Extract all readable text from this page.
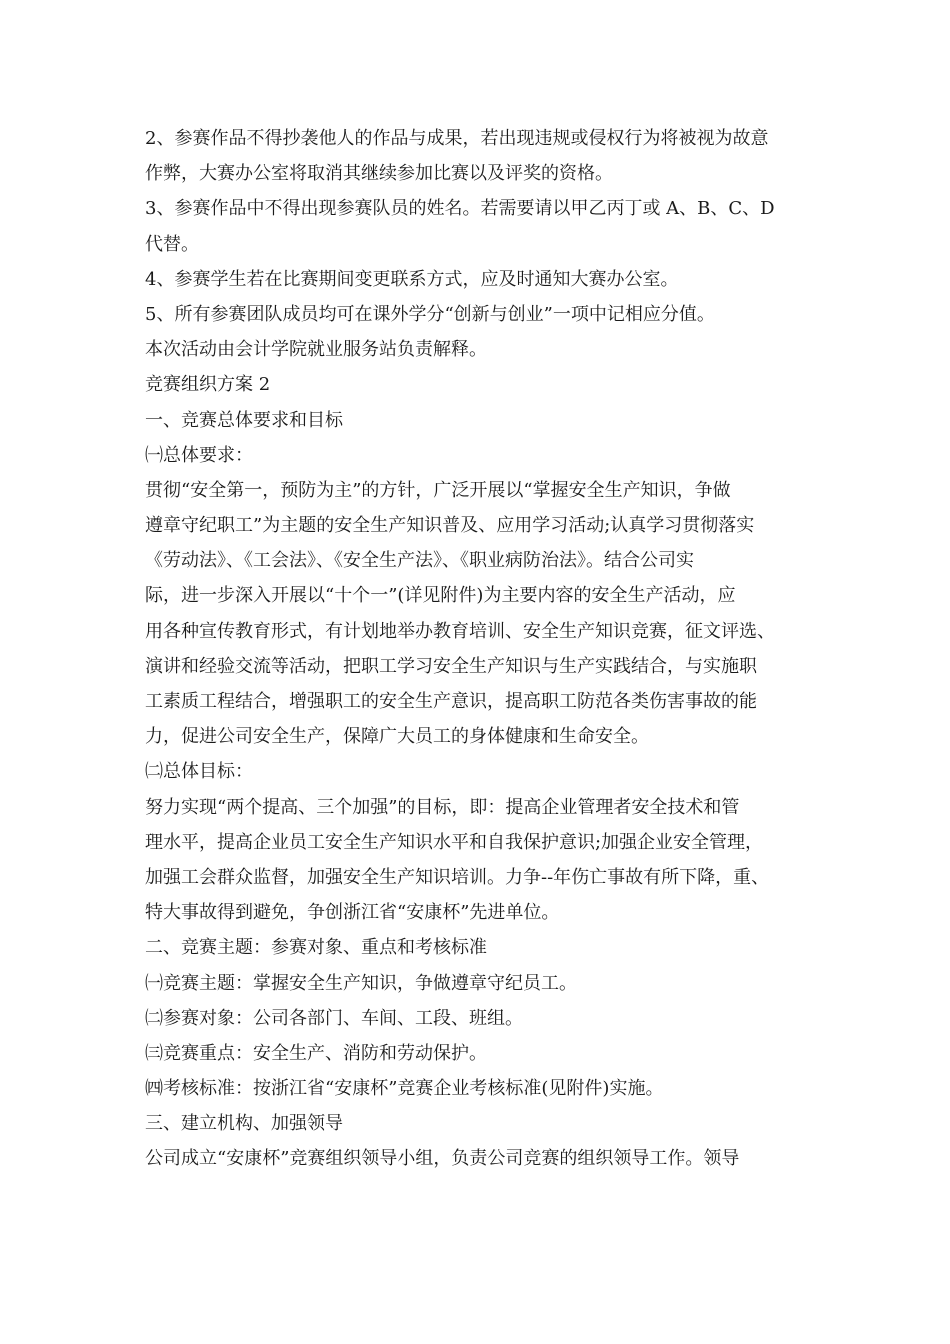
2、参赛作品不得抄袭他人的作品与成果，若出现违规或侵权行为将被视为故意
作弊，大赛办公室将取消其继续参加比赛以及评奖的资格。
3、参赛作品中不得出现参赛队员的姓名。若需要请以甲乙丙丁或 A、B、C、D
代替。
4、参赛学生若在比赛期间变更联系方式，应及时通知大赛办公室。
5、所有参赛团队成员均可在课外学分“创新与创业”一项中记相应分值。
本次活动由会计学院就业服务站负责解释。
竞赛组织方案 2
一、竞赛总体要求和目标
㈠总体要求：
贯彻“安全第一，预防为主”的方针，广泛开展以“掌握安全生产知识，争做
遵章守纪职工”为主题的安全生产知识普及、应用学习活动;认真学习贯彻落实
《劳动法》、《工会法》、《安全生产法》、《职业病防治法》。结合公司实
际，进一步深入开展以“十个一”(详见附件)为主要内容的安全生产活动，应
用各种宣传教育形式，有计划地举办教育培训、安全生产知识竞赛，征文评选、
演讲和经验交流等活动，把职工学习安全生产知识与生产实践结合，与实施职
工素质工程结合，增强职工的安全生产意识，提高职工防范各类伤害事故的能
力，促进公司安全生产，保障广大员工的身体健康和生命安全。
㈡总体目标：
努力实现“两个提高、三个加强”的目标，即：提高企业管理者安全技术和管
理水平，提高企业员工安全生产知识水平和自我保护意识;加强企业安全管理，
加强工会群众监督，加强安全生产知识培训。力争--年伤亡事故有所下降，重、
特大事故得到避免，争创浙江省“安康杯”先进单位。
二、竞赛主题：参赛对象、重点和考核标准
㈠竞赛主题：掌握安全生产知识，争做遵章守纪员工。
㈡参赛对象：公司各部门、车间、工段、班组。
㈢竞赛重点：安全生产、消防和劳动保护。
㈣考核标准：按浙江省“安康杯”竞赛企业考核标准(见附件)实施。
三、建立机构、加强领导
公司成立“安康杯”竞赛组织领导小组，负责公司竞赛的组织领导工作。领导
